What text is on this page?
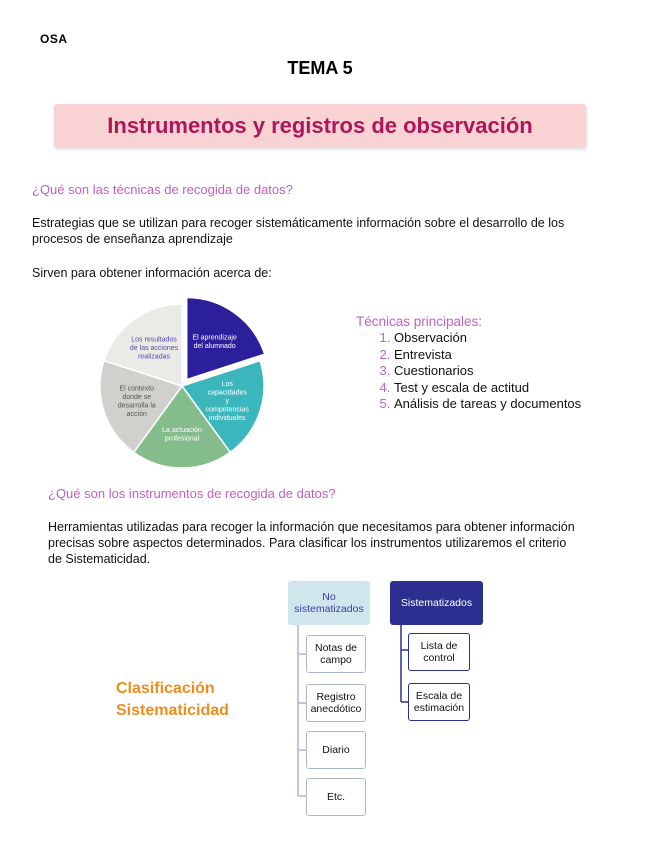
OSA
TEMA 5
Instrumentos y registros de observación
¿Qué son las técnicas de recogida de datos?
Estrategias que se utilizan para recoger sistemáticamente información sobre el desarrollo de los procesos de enseñanza aprendizaje
Sirven para obtener información acerca de:
El aprendizaje del alumnado
Los capacidades y competencias individuales
La actuación profesional
El contexto donde se desarrolla la acción
Los resultados de las acciones realizadas
Técnicas principales:
1. Observación
2. Entrevista
3. Cuestionarios
4. Test y escala de actitud
5. Análisis de tareas y documentos
¿Qué son los instrumentos de recogida de datos?
Herramientas utilizadas para recoger la información que necesitamos para obtener información precisas sobre aspectos determinados. Para clasificar los instrumentos utilizaremos el criterio de Sistematicidad.
Clasificación
Sistematicidad
No
sistematizados	Sistematizados
Notas de
campo
Registro
anecdótico
Diario
Etc.
Lista de
control
Escala de
estimación
